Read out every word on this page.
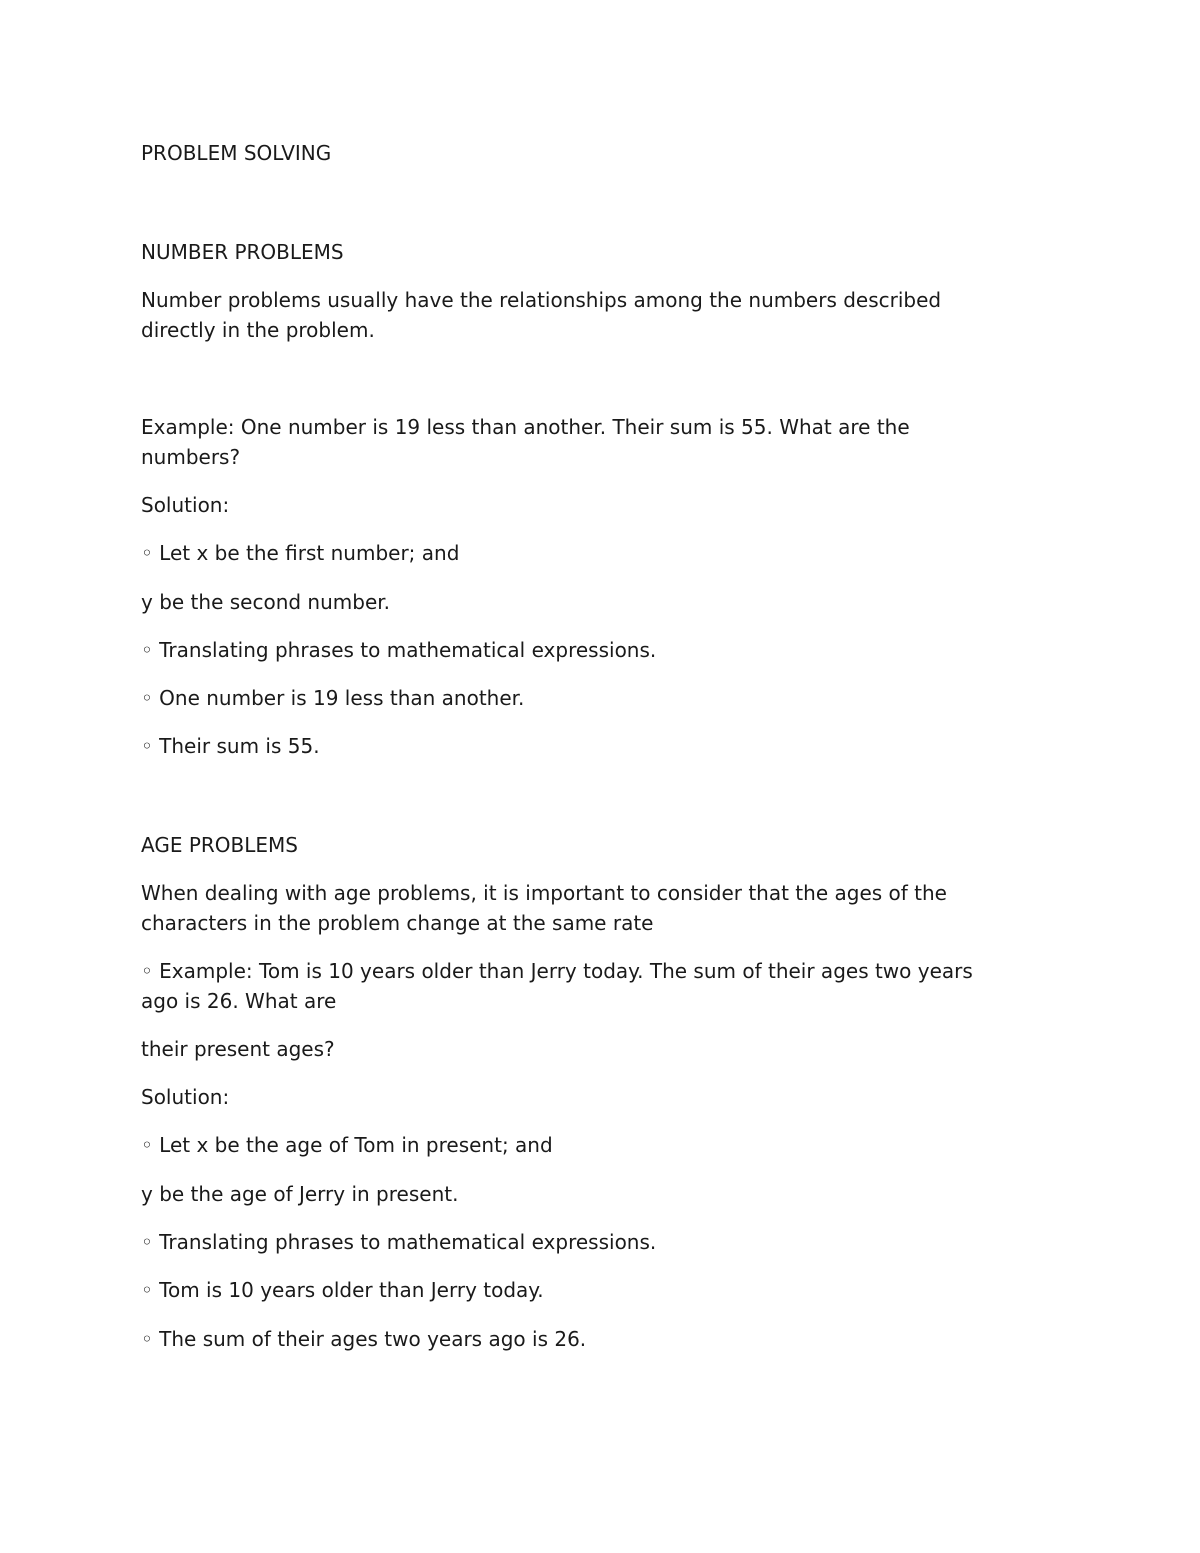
PROBLEM SOLVING
NUMBER PROBLEMS

Number problems usually have the relationships among the numbers described

directly in the problem.

Example: One number is 19 less than another. Their sum is 55. What are the

numbers?

Solution:

◦ Let x be the first number; and

y be the second number.

◦ Translating phrases to mathematical expressions.

◦ One number is 19 less than another.

◦ Their sum is 55.

AGE PROBLEMS

When dealing with age problems, it is important to consider that the ages of the

characters in the problem change at the same rate

◦ Example: Tom is 10 years older than Jerry today. The sum of their ages two years

ago is 26. What are

their present ages?

Solution:

◦ Let x be the age of Tom in present; and

y be the age of Jerry in present.

◦ Translating phrases to mathematical expressions.

◦ Tom is 10 years older than Jerry today.

◦ The sum of their ages two years ago is 26.
